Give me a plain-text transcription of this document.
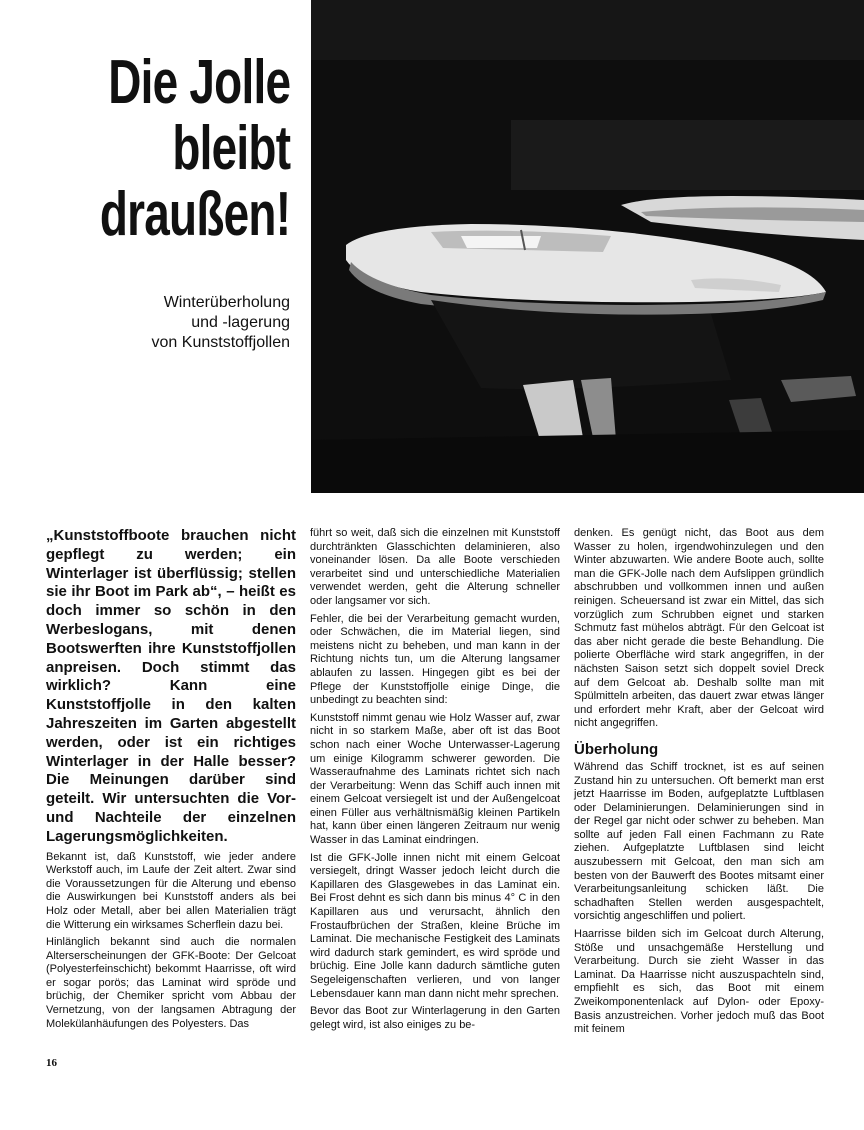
Die Jolle
bleibt
draußen!
Winterüberholung
und -lagerung
von Kunststoffjollen

„Kunststoffboote brauchen nicht gepflegt zu werden; ein Winterlager ist überflüssig; stellen sie ihr Boot im Park ab“, – heißt es doch immer so schön in den Werbeslogans, mit denen Bootswerften ihre Kunststoffjollen anpreisen. Doch stimmt das wirklich? Kann eine Kunststoffjolle in den kalten Jahreszeiten im Garten abgestellt werden, oder ist ein richtiges Winterlager in der Halle besser? Die Meinungen darüber sind geteilt. Wir untersuchten die Vor- und Nachteile der einzelnen Lagerungsmöglichkeiten.

Bekannt ist, daß Kunststoff, wie jeder andere Werkstoff auch, im Laufe der Zeit altert. Zwar sind die Voraussetzungen für die Alterung und ebenso die Auswirkungen bei Kunststoff anders als bei Holz oder Metall, aber bei allen Materialien trägt die Witterung ein wirksames Scherflein dazu bei.

Hinlänglich bekannt sind auch die normalen Alterserscheinungen der GFK-Boote: Der Gelcoat (Polyesterfeinschicht) bekommt Haarrisse, oft wird er sogar porös; das Laminat wird spröde und brüchig, der Chemiker spricht vom Abbau der Vernetzung, von der langsamen Abtragung der Molekülanhäufungen des Polyesters. Das

führt so weit, daß sich die einzelnen mit Kunststoff durchtränkten Glasschichten delaminieren, also voneinander lösen. Da alle Boote verschieden verarbeitet sind und unterschiedliche Materialien verwendet werden, geht die Alterung schneller oder langsamer vor sich.

Fehler, die bei der Verarbeitung gemacht wurden, oder Schwächen, die im Material liegen, sind meistens nicht zu beheben, und man kann in der Richtung nichts tun, um die Alterung langsamer ablaufen zu lassen. Hingegen gibt es bei der Pflege der Kunststoffjolle einige Dinge, die unbedingt zu beachten sind:

Kunststoff nimmt genau wie Holz Wasser auf, zwar nicht in so starkem Maße, aber oft ist das Boot schon nach einer Woche Unterwasser-Lagerung um einige Kilogramm schwerer geworden. Die Wasseraufnahme des Laminats richtet sich nach der Verarbeitung: Wenn das Schiff auch innen mit einem Gelcoat versiegelt ist und der Außengelcoat einen Füller aus verhältnismäßig kleinen Partikeln hat, kann über einen längeren Zeitraum nur wenig Wasser in das Laminat eindringen.

Ist die GFK-Jolle innen nicht mit einem Gelcoat versiegelt, dringt Wasser jedoch leicht durch die Kapillaren des Glasgewebes in das Laminat ein. Bei Frost dehnt es sich dann bis minus 4° C in den Kapillaren aus und verursacht, ähnlich den Frostaufbrüchen der Straßen, kleine Brüche im Laminat. Die mechanische Festigkeit des Laminats wird dadurch stark gemindert, es wird spröde und brüchig. Eine Jolle kann dadurch sämtliche guten Segeleigenschaften verlieren, und von langer Lebensdauer kann man dann nicht mehr sprechen.

Bevor das Boot zur Winterlagerung in den Garten gelegt wird, ist also einiges zu be-

denken. Es genügt nicht, das Boot aus dem Wasser zu holen, irgendwohinzulegen und den Winter abzuwarten. Wie andere Boote auch, sollte man die GFK-Jolle nach dem Aufslippen gründlich abschrubben und vollkommen innen und außen reinigen. Scheuersand ist zwar ein Mittel, das sich vorzüglich zum Schrubben eignet und starken Schmutz fast mühelos abträgt. Für den Gelcoat ist das aber nicht gerade die beste Behandlung. Die polierte Oberfläche wird stark angegriffen, in der nächsten Saison setzt sich doppelt soviel Dreck auf dem Gelcoat ab. Deshalb sollte man mit Spülmitteln arbeiten, das dauert zwar etwas länger und erfordert mehr Kraft, aber der Gelcoat wird nicht angegriffen.

Überholung

Während das Schiff trocknet, ist es auf seinen Zustand hin zu untersuchen. Oft bemerkt man erst jetzt Haarrisse im Boden, aufgeplatzte Luftblasen oder Delaminierungen. Delaminierungen sind in der Regel gar nicht oder schwer zu beheben. Man sollte auf jeden Fall einen Fachmann zu Rate ziehen. Aufgeplatzte Luftblasen sind leicht auszubessern mit Gelcoat, den man sich am besten von der Bauwerft des Bootes mitsamt einer Verarbeitungsanleitung schicken läßt. Die schadhaften Stellen werden ausgespachtelt, vorsichtig angeschliffen und poliert.

Haarrisse bilden sich im Gelcoat durch Alterung, Stöße und unsachgemäße Herstellung und Verarbeitung. Durch sie zieht Wasser in das Laminat. Da Haarrisse nicht auszuspachteln sind, empfiehlt es sich, das Boot mit einem Zweikomponentenlack auf Dylon- oder Epoxy-Basis anzustreichen. Vorher jedoch muß das Boot mit feinem

16
